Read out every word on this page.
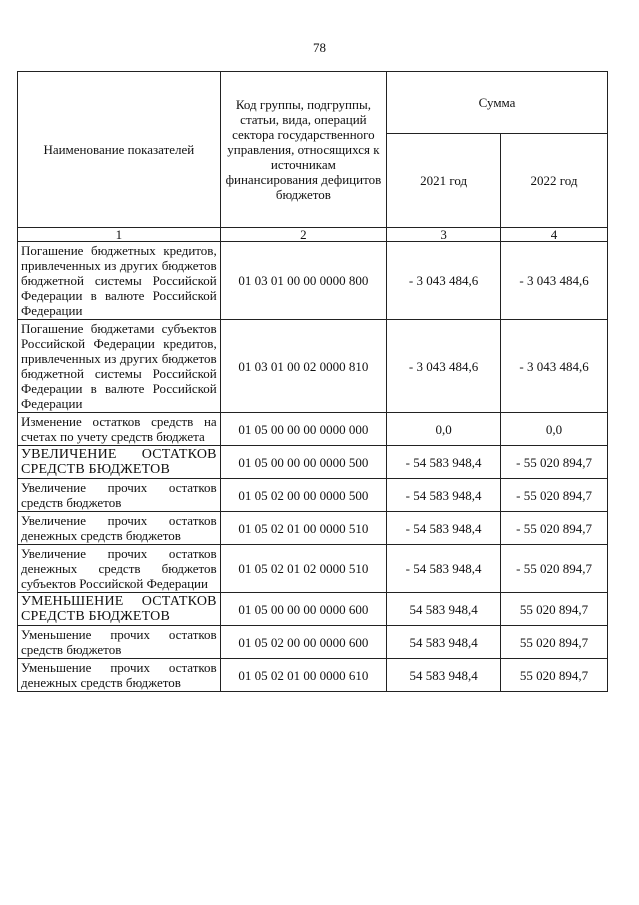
78
Наименование показателей	Код группы, подгруппы, статьи, вида, операций сектора государственного управления, относящихся к источникам финансирования дефицитов бюджетов	Сумма	
		2021 год	2022 год
1	2	3	4
Погашение бюджетных кредитов, привлеченных из других бюджетов бюджетной системы Российской Федерации в валюте Российской Федерации	01 03 01 00 00 0000 800	- 3 043 484,6	- 3 043 484,6
Погашение бюджетами субъектов Российской Федерации кредитов, привлеченных из других бюджетов бюджетной системы Российской Федерации в валюте Российской Федерации	01 03 01 00 02 0000 810	- 3 043 484,6	- 3 043 484,6
Изменение остатков средств на счетах по учету средств бюджета	01 05 00 00 00 0000 000	0,0	0,0
УВЕЛИЧЕНИЕ ОСТАТКОВ СРЕДСТВ БЮДЖЕТОВ	01 05 00 00 00 0000 500	- 54 583 948,4	- 55 020 894,7
Увеличение прочих остатков средств бюджетов	01 05 02 00 00 0000 500	- 54 583 948,4	- 55 020 894,7
Увеличение прочих остатков денежных средств бюджетов	01 05 02 01 00 0000 510	- 54 583 948,4	- 55 020 894,7
Увеличение прочих остатков денежных средств бюджетов субъектов Российской Федерации	01 05 02 01 02 0000 510	- 54 583 948,4	- 55 020 894,7
УМЕНЬШЕНИЕ ОСТАТКОВ СРЕДСТВ БЮДЖЕТОВ	01 05 00 00 00 0000 600	54 583 948,4	55 020 894,7
Уменьшение прочих остатков средств бюджетов	01 05 02 00 00 0000 600	54 583 948,4	55 020 894,7
Уменьшение прочих остатков денежных средств бюджетов	01 05 02 01 00 0000 610	54 583 948,4	55 020 894,7
